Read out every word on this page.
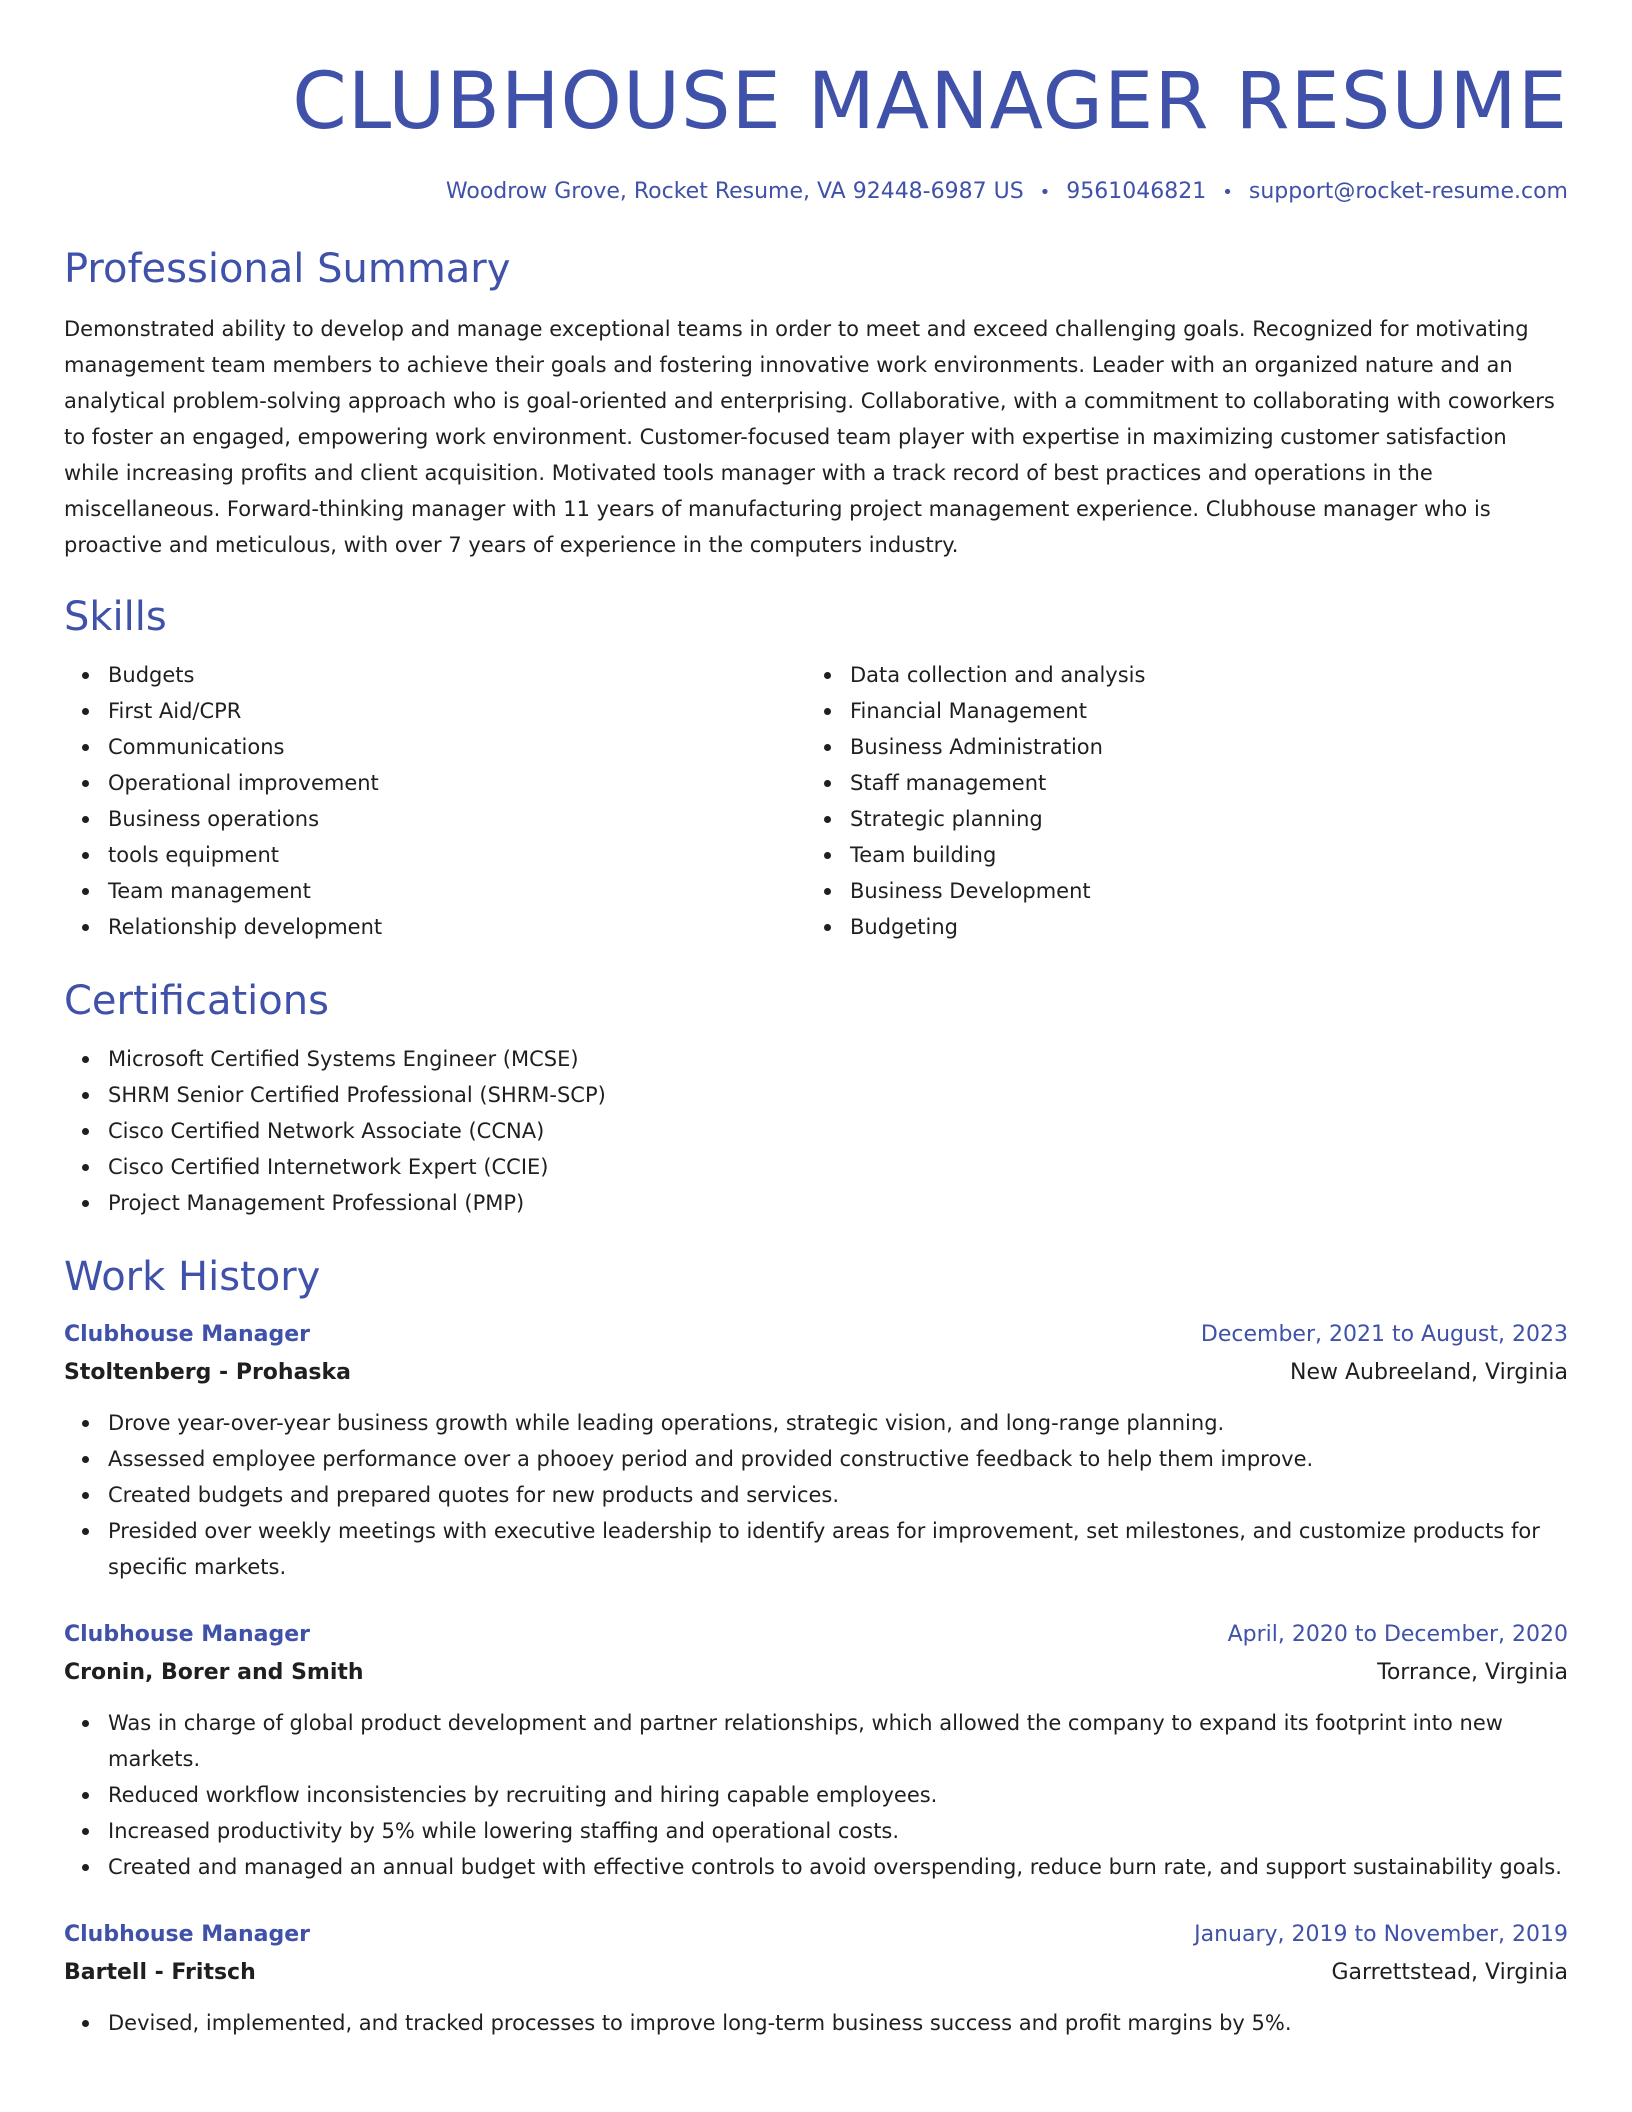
CLUBHOUSE MANAGER RESUME
Woodrow Grove, Rocket Resume, VA 92448-6987 US • 9561046821 • support@rocket-resume.com
Professional Summary

Demonstrated ability to develop and manage exceptional teams in order to meet and exceed challenging goals. Recognized for motivating management team members to achieve their goals and fostering innovative work environments. Leader with an organized nature and an analytical problem-solving approach who is goal-oriented and enterprising. Collaborative, with a commitment to collaborating with coworkers to foster an engaged, empowering work environment. Customer-focused team player with expertise in maximizing customer satisfaction while increasing profits and client acquisition. Motivated tools manager with a track record of best practices and operations in the miscellaneous. Forward-thinking manager with 11 years of manufacturing project management experience. Clubhouse manager who is proactive and meticulous, with over 7 years of experience in the computers industry.

Skills
Budgets
First Aid/CPR
Communications
Operational improvement
Business operations
tools equipment
Team management
Relationship development
Data collection and analysis
Financial Management
Business Administration
Staff management
Strategic planning
Team building
Business Development
Budgeting
Certifications
Microsoft Certified Systems Engineer (MCSE)
SHRM Senior Certified Professional (SHRM-SCP)
Cisco Certified Network Associate (CCNA)
Cisco Certified Internetwork Expert (CCIE)
Project Management Professional (PMP)
Work History
Clubhouse Manager	December, 2021 to August, 2023
Stoltenberg - Prohaska	New Aubreeland, Virginia
Drove year-over-year business growth while leading operations, strategic vision, and long-range planning.
Assessed employee performance over a phooey period and provided constructive feedback to help them improve.
Created budgets and prepared quotes for new products and services.
Presided over weekly meetings with executive leadership to identify areas for improvement, set milestones, and customize products for specific markets.
Clubhouse Manager	April, 2020 to December, 2020
Cronin, Borer and Smith	Torrance, Virginia
Was in charge of global product development and partner relationships, which allowed the company to expand its footprint into new markets.
Reduced workflow inconsistencies by recruiting and hiring capable employees.
Increased productivity by 5% while lowering staffing and operational costs.
Created and managed an annual budget with effective controls to avoid overspending, reduce burn rate, and support sustainability goals.
Clubhouse Manager	January, 2019 to November, 2019
Bartell - Fritsch	Garrettstead, Virginia
Devised, implemented, and tracked processes to improve long-term business success and profit margins by 5%.
